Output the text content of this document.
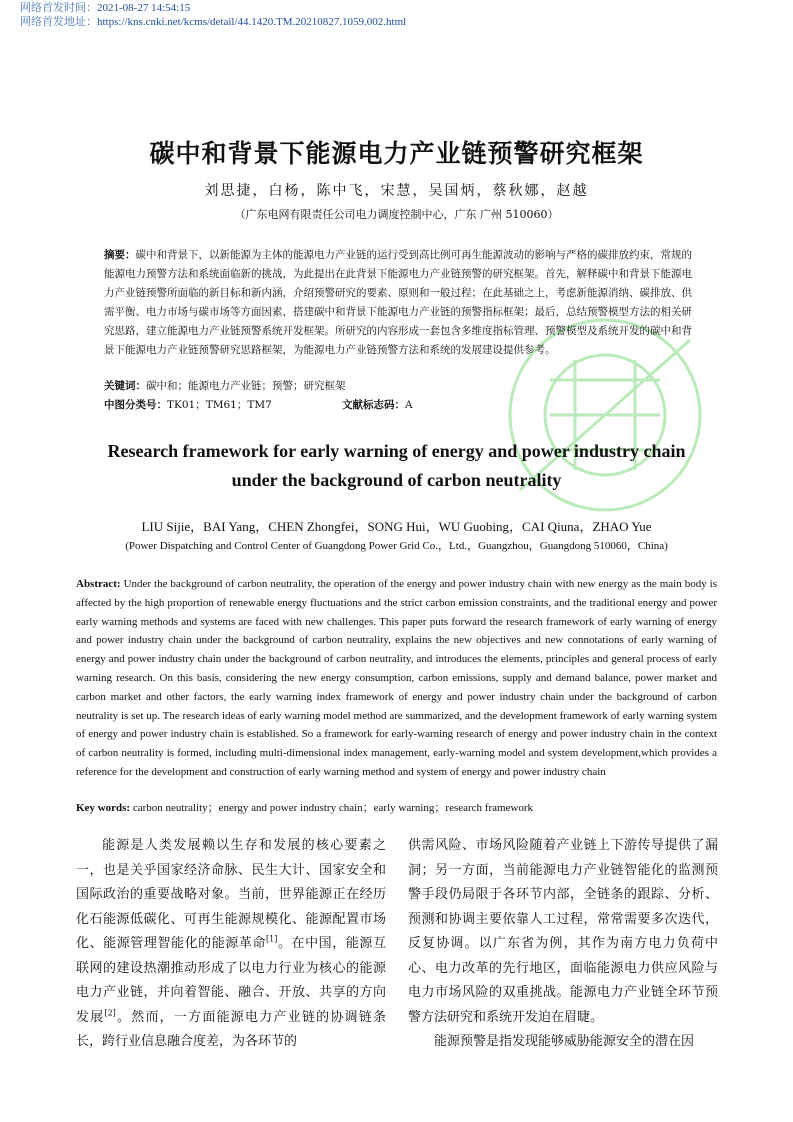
网络首发时间：2021-08-27 14:54:15
网络首发地址：https://kns.cnki.net/kcms/detail/44.1420.TM.20210827.1059.002.html
碳中和背景下能源电力产业链预警研究框架
刘思捷，白杨，陈中飞，宋慧，吴国炳，蔡秋娜，赵越
（广东电网有限责任公司电力调度控制中心，广东 广州 510060）
摘要：碳中和背景下，以新能源为主体的能源电力产业链的运行受到高比例可再生能源波动的影响与严格的碳排放约束，常规的能源电力预警方法和系统面临新的挑战，为此提出在此背景下能源电力产业链预警的研究框架。首先，解释碳中和背景下能源电力产业链预警所面临的新目标和新内涵，介绍预警研究的要素、原则和一般过程；在此基础之上，考虑新能源消纳、碳排放、供需平衡、电力市场与碳市场等方面因素，搭建碳中和背景下能源电力产业链的预警指标框架；最后，总结预警模型方法的相关研究思路，建立能源电力产业链预警系统开发框架。所研究的内容形成一套包含多维度指标管理、预警模型及系统开发的碳中和背景下能源电力产业链预警研究思路框架，为能源电力产业链预警方法和系统的发展建设提供参考。
关键词：碳中和；能源电力产业链；预警；研究框架
中图分类号：TK01；TM61；TM7	文献标志码：A
Research framework for early warning of energy and power industry chain
under the background of carbon neutrality
LIU Sijie，BAI Yang，CHEN Zhongfei，SONG Hui，WU Guobing，CAI Qiuna，ZHAO Yue
(Power Dispatching and Control Center of Guangdong Power Grid Co.，Ltd.，Guangzhou，Guangdong 510060，China)
Abstract: Under the background of carbon neutrality, the operation of the energy and power industry chain with new energy as the main body is affected by the high proportion of renewable energy fluctuations and the strict carbon emission constraints, and the traditional energy and power early warning methods and systems are faced with new challenges. This paper puts forward the research framework of early warning of energy and power industry chain under the background of carbon neutrality, explains the new objectives and new connotations of early warning of energy and power industry chain under the background of carbon neutrality, and introduces the elements, principles and general process of early warning research. On this basis, considering the new energy consumption, carbon emissions, supply and demand balance, power market and carbon market and other factors, the early warning index framework of energy and power industry chain under the background of carbon neutrality is set up. The research ideas of early warning model method are summarized, and the development framework of early warning system of energy and power industry chain is established. So a framework for early-warning research of energy and power industry chain in the context of carbon neutrality is formed, including multi-dimensional index management, early-warning model and system development,which provides a reference for the development and construction of early warning method and system of energy and power industry chain
Key words: carbon neutrality；energy and power industry chain；early warning；research framework

能源是人类发展赖以生存和发展的核心要素之一，也是关乎国家经济命脉、民生大计、国家安全和国际政治的重要战略对象。当前，世界能源正在经历化石能源低碳化、可再生能源规模化、能源配置市场化、能源管理智能化的能源革命[1]。在中国，能源互联网的建设热潮推动形成了以电力行业为核心的能源电力产业链，并向着智能、融合、开放、共享的方向发展[2]。然而，一方面能源电力产业链的协调链条长，跨行业信息融合度差，为各环节的

供需风险、市场风险随着产业链上下游传导提供了漏洞；另一方面，当前能源电力产业链智能化的监测预警手段仍局限于各环节内部，全链条的跟踪、分析、预测和协调主要依靠人工过程，常常需要多次迭代，反复协调。以广东省为例，其作为南方电力负荷中心、电力改革的先行地区，面临能源电力供应风险与电力市场风险的双重挑战。能源电力产业链全环节预警方法研究和系统开发迫在眉睫。

能源预警是指发现能够威胁能源安全的潜在因
